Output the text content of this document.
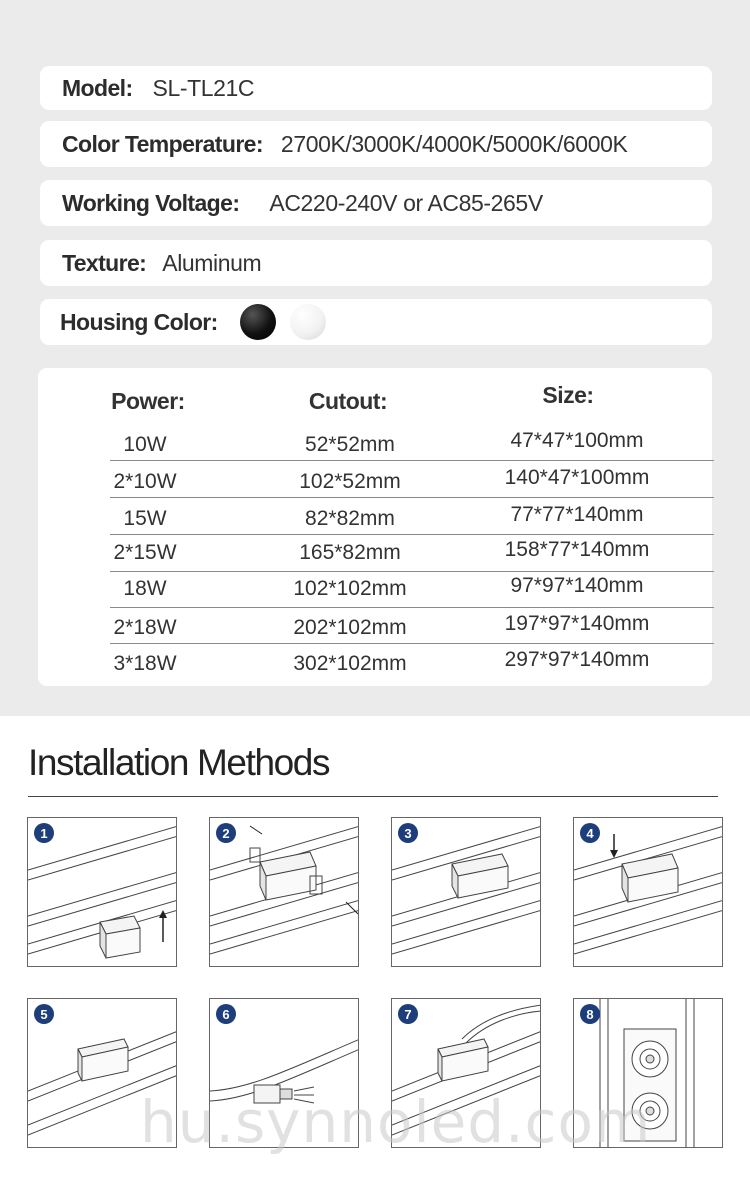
Model: SL-TL21C
Color Temperature: 2700K/3000K/4000K/5000K/6000K
Working Voltage: AC220-240V or AC85-265V
Texture: Aluminum
Housing Color:
Power:	Cutout:	Size:
10W	52*52mm	47*47*100mm
2*10W	102*52mm	140*47*100mm
15W	82*82mm	77*77*140mm
2*15W	165*82mm	158*77*140mm
18W	102*102mm	97*97*140mm
2*18W	202*102mm	197*97*140mm
3*18W	302*102mm	297*97*140mm
Installation Methods
1	2	3	4
5	6	7	8
hu.synnoled.com
